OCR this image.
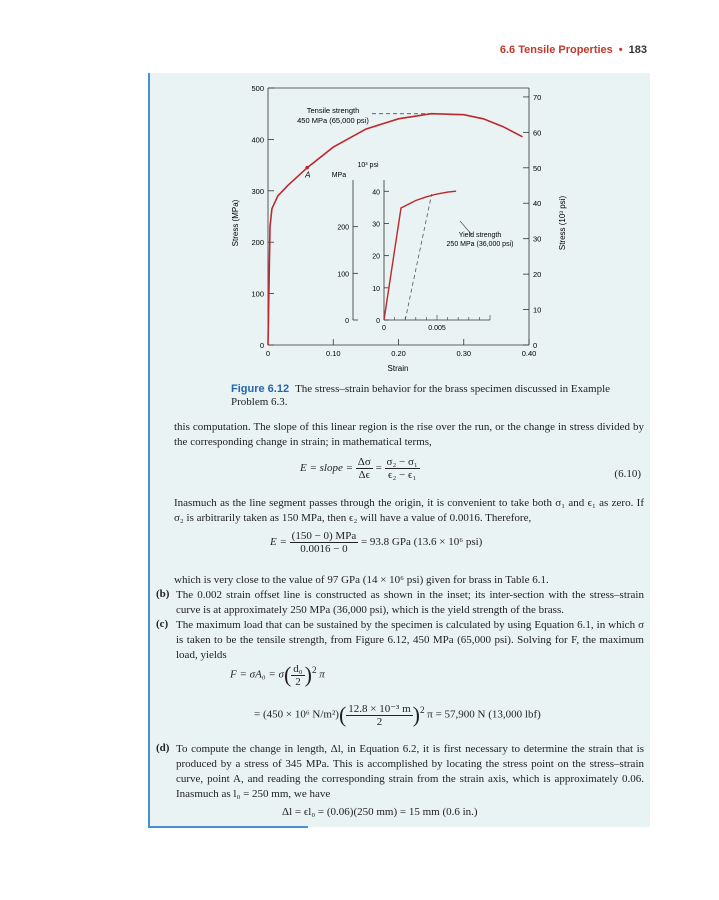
6.6 Tensile Properties • 183
0	0.10	0.20	0.30	0.40
0
100
200
300
400
500
0
10
20
30
40
50
60
70
Strain
Stress (MPa)	Stress (10³ psi)
A
Tensile strength
450 MPa (65,000 psi)
MPa
10³ psi
0
100
200
0
10
20
30
40
0	0.005
Yield strength
250 MPa (36,000 psi)
Figure 6.12 The stress–strain behavior for the brass specimen discussed in Example Problem 6.3.
this computation. The slope of this linear region is the rise over the run, or the change in stress divided by the corresponding change in strain; in mathematical terms,
E = slope = $\frac{\Delta\sigma}{\Delta\epsilon} = \frac{\text{σ₂ − σ₁}}{\text{ϵ₂ − ϵ₁}}$	(6.10)
Inasmuch as the line segment passes through the origin, it is convenient to take both σ₁ and ϵ₁ as zero. If σ₂ is arbitrarily taken as 150 MPa, then ϵ₂ will have a value of 0.0016. Therefore,
$E = \frac{\text{(150 − 0) MPa}}{0.0016 - 0} = 93.8$ GPa (13.6 × 10⁶ psi)
which is very close to the value of 97 GPa (14 × 10⁶ psi) given for brass in Table 6.1.
(b) The 0.002 strain offset line is constructed as shown in the inset; its inter-section with the stress–strain curve is at approximately 250 MPa (36,000 psi), which is the yield strength of the brass.
(c) The maximum load that can be sustained by the specimen is calculated by using Equation 6.1, in which σ is taken to be the tensile strength, from Figure 6.12, 450 MPa (65,000 psi). Solving for F, the maximum load, yields
$F = \sigma A_0 = \sigma( \frac{\text{d₀}}{2} )^2$ π
= (450 × 10⁶ $N/m^2)( \frac{\text{12.8 × 10⁻³ m}}{2} )^2$ π = 57,900 N (13,000 lbf)
(d) To compute the change in length, Δl, in Equation 6.2, it is first necessary to determine the strain that is produced by a stress of 345 MPa. This is accomplished by locating the stress point on the stress–strain curve, point A, and reading the corresponding strain from the strain axis, which is approximately 0.06. Inasmuch as l₀ = 250 mm, we have
Δl = ϵl₀ = (0.06)(250 mm) = 15 mm (0.6 in.)
